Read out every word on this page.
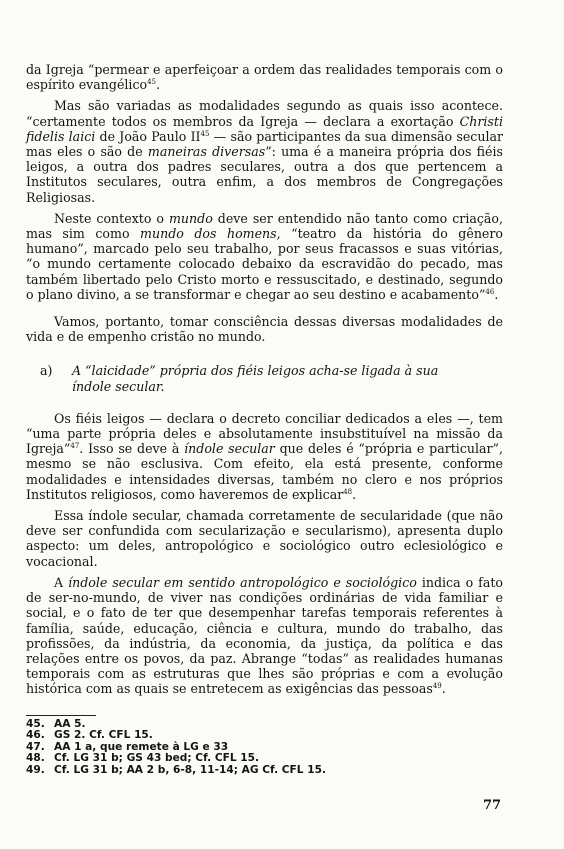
da Igreja “permear e aperfeiçoar a ordem das realidades temporais com o espírito evangélico$^{45}$.

Mas são variadas as modalidades segundo as quais isso acontece. “certamente todos os membros da Igreja — declara a exortação Christi fidelis laici de João Paulo II$^{45}$ — são participantes da sua dimensão secular mas eles o são de maneiras diversas”: uma é a maneira própria dos fiéis leigos, a outra dos padres seculares, outra a dos que pertencem a Institutos seculares, outra enfim, a dos membros de Congregações Religiosas.

Neste contexto o mundo deve ser entendido não tanto como criação, mas sim como mundo dos homens, “teatro da história do gênero humano”, marcado pelo seu trabalho, por seus fracassos e suas vitórias, “o mundo certamente colocado debaixo da escravidão do pecado, mas também libertado pelo Cristo morto e ressuscitado, e destinado, segundo o plano divino, a se transformar e chegar ao seu destino e acabamento”$^{46}$.

Vamos, portanto, tomar consciência dessas diversas modalidades de vida e de empenho cristão no mundo.

a)	A “laicidade” própria dos fiéis leigos acha-se ligada à sua índole secular.

Os fiéis leigos — declara o decreto conciliar dedicados a eles —, tem “uma parte própria deles e absolutamente insubstituível na missão da Igreja”$^{47}$. Isso se deve à índole secular que deles é “própria e particular”, mesmo se não esclusiva. Com efeito, ela está presente, conforme modalidades e intensidades diversas, também no clero e nos próprios Institutos religiosos, como haveremos de explicar$^{48}$.

Essa índole secular, chamada corretamente de secularidade (que não deve ser confundida com secularização e secularismo), apresenta duplo aspecto: um deles, antropológico e sociológico outro eclesiológico e vocacional.

A índole secular em sentido antropológico e sociológico indica o fato de ser-no-mundo, de viver nas condições ordinárias de vida familiar e social, e o fato de ter que desempenhar tarefas temporais referentes à família, saúde, educação, ciência e cultura, mundo do trabalho, das profissões, da indústria, da economia, da justiça, da política e das relações entre os povos, da paz. Abrange “todas” as realidades humanas temporais com as estruturas que lhes são próprias e com a evolução histórica com as quais se entretecem as exigências das pessoas$^{49}$.

45. AA 5.
46. GS 2. Cf. CFL 15.
47. AA 1 a, que remete à LG e 33
48. Cf. LG 31 b; GS 43 bed; Cf. CFL 15.
49. Cf. LG 31 b; AA 2 b, 6-8, 11-14; AG Cf. CFL 15.
77
